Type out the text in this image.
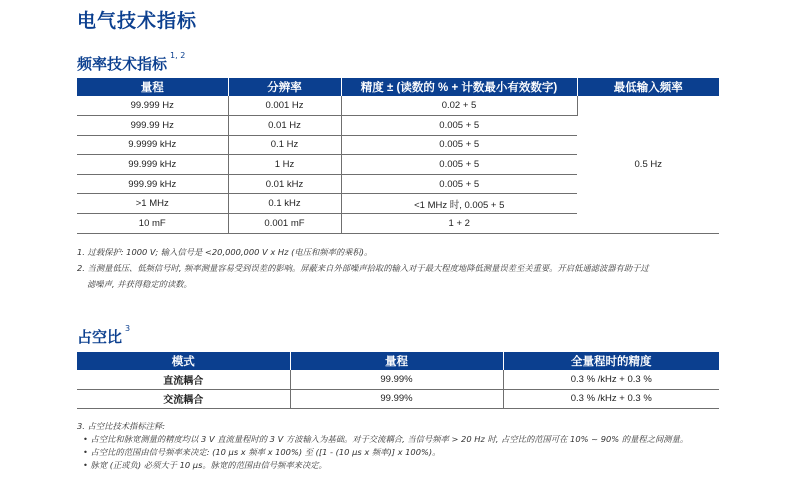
电气技术指标
频率技术指标 $^{1, 2}$
量程	分辨率	精度 ± (读数的 % + 计数最小有效数字)	最低输入频率
99.999 Hz	0.001 Hz	0.02 + 5	0.5 Hz
999.99 Hz	0.01 Hz	0.005 + 5	
9.9999 kHz	0.1 Hz	0.005 + 5	
99.999 kHz	1 Hz	0.005 + 5	
999.99 kHz	0.01 kHz	0.005 + 5	
>1 MHz	0.1 kHz	<1 MHz 时, 0.005 + 5	
10 mF	0.001 mF	1 + 2	

1. 过载保护: 1000 V; 输入信号是 <20,000,000 V x Hz (电压和频率的乘积)。

2. 当测量低压、低频信号时, 频率测量容易受到误差的影响。屏蔽来自外部噪声拾取的输入对于最大程度地降低测量误差至关重要。开启低通滤波器有助于过

滤噪声, 并获得稳定的读数。

占空比 $^3$
模式	量程	全量程时的精度
直流耦合	99.99%	0.3 % /kHz + 0.3 %
交流耦合	99.99%	0.3 % /kHz + 0.3 %

3. 占空比技术指标注释:

• 占空比和脉宽测量的精度均以 3 V 直流量程时的 3 V 方波输入为基础。对于交流耦合, 当信号频率 > 20 Hz 时, 占空比的范围可在 10% ~ 90% 的量程之间测量。

• 占空比的范围由信号频率来决定: (10 μs x 频率 x 100%) 至 ([1 - (10 μs x 频率)] x 100%)。

• 脉宽 (正或负) 必须大于 10 μs。脉宽的范围由信号频率来决定。
